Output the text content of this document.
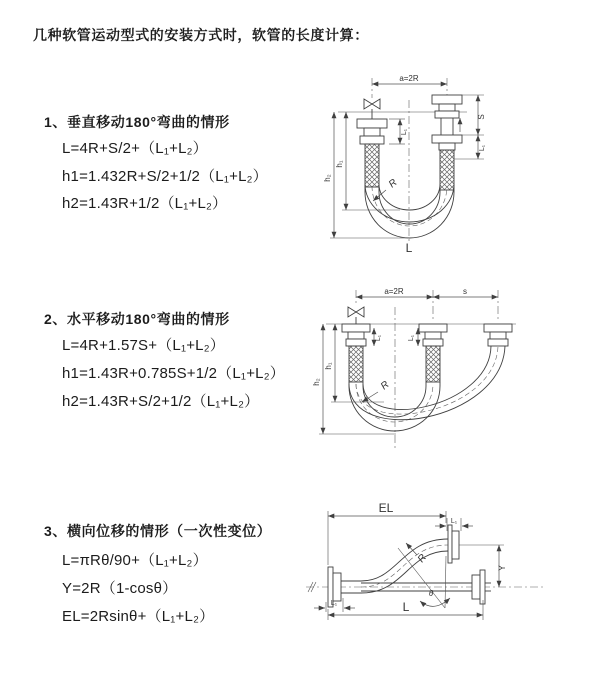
几种软管运动型式的安装方式时，软管的长度计算：
1、垂直移动180°弯曲的情形
L=4R+S/2+（L₁+L₂）
h1=1.432R+S/2+1/2（L₁+L₂）
h2=1.43R+1/2（L₁+L₂）
a=2R
h₂
h₁
S
L₁
L₁
R
L
2、水平移动180°弯曲的情形
L=4R+1.57S+（L₁+L₂）
h1=1.43R+0.785S+1/2（L₁+L₂）
h2=1.43R+S/2+1/2（L₁+L₂）
a=2R	s
h₂
h₁
L₁	L₁
R
3、横向位移的情形（一次性变位）
L=πRθ/90+（L₁+L₂）
Y=2R（1-cosθ）
EL=2Rsinθ+（L₁+L₂）
EL
L₁
Y
L
L₁
R
θ
